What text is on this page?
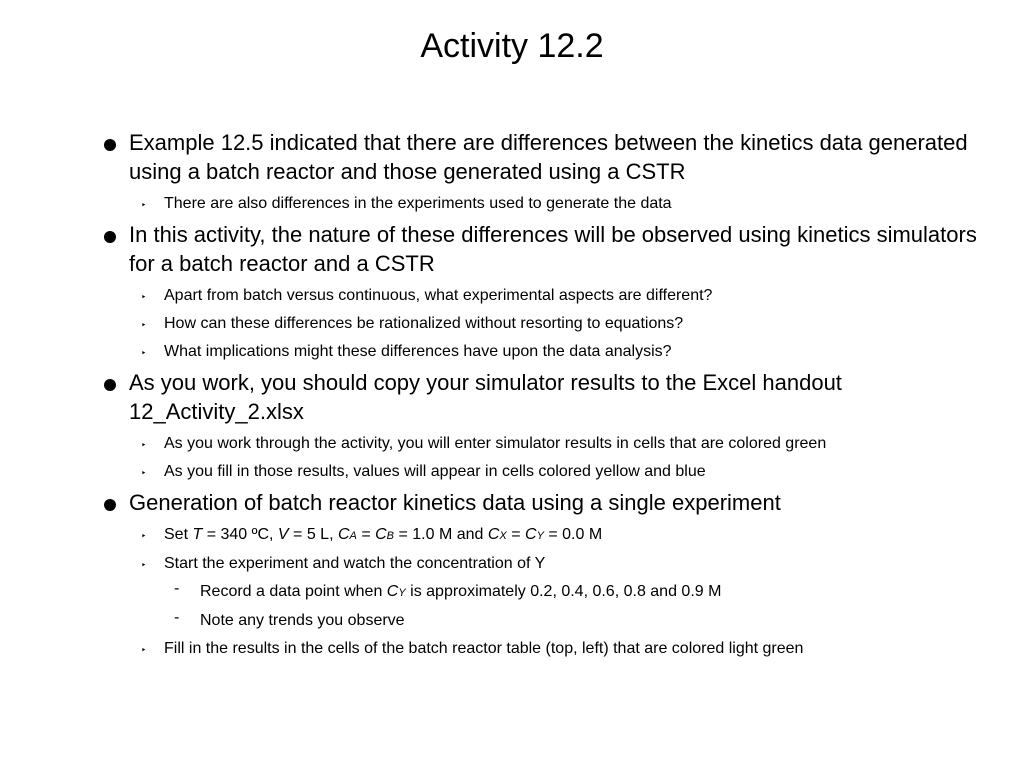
Activity 12.2
Example 12.5 indicated that there are differences between the kinetics data generated using a batch reactor and those generated using a CSTR
‣ There are also differences in the experiments used to generate the data
In this activity, the nature of these differences will be observed using kinetics simulators for a batch reactor and a CSTR
‣ Apart from batch versus continuous, what experimental aspects are different?
‣ How can these differences be rationalized without resorting to equations?
‣ What implications might these differences have upon the data analysis?
As you work, you should copy your simulator results to the Excel handout 12_Activity_2.xlsx
‣ As you work through the activity, you will enter simulator results in cells that are colored green
‣ As you fill in those results, values will appear in cells colored yellow and blue
Generation of batch reactor kinetics data using a single experiment
‣ Set T = 340 ºC, V = 5 L, CA = CB = 1.0 M and CX = CY = 0.0 M
‣ Start the experiment and watch the concentration of Y
- Record a data point when CY is approximately 0.2, 0.4, 0.6, 0.8 and 0.9 M
- Note any trends you observe
‣ Fill in the results in the cells of the batch reactor table (top, left) that are colored light green
